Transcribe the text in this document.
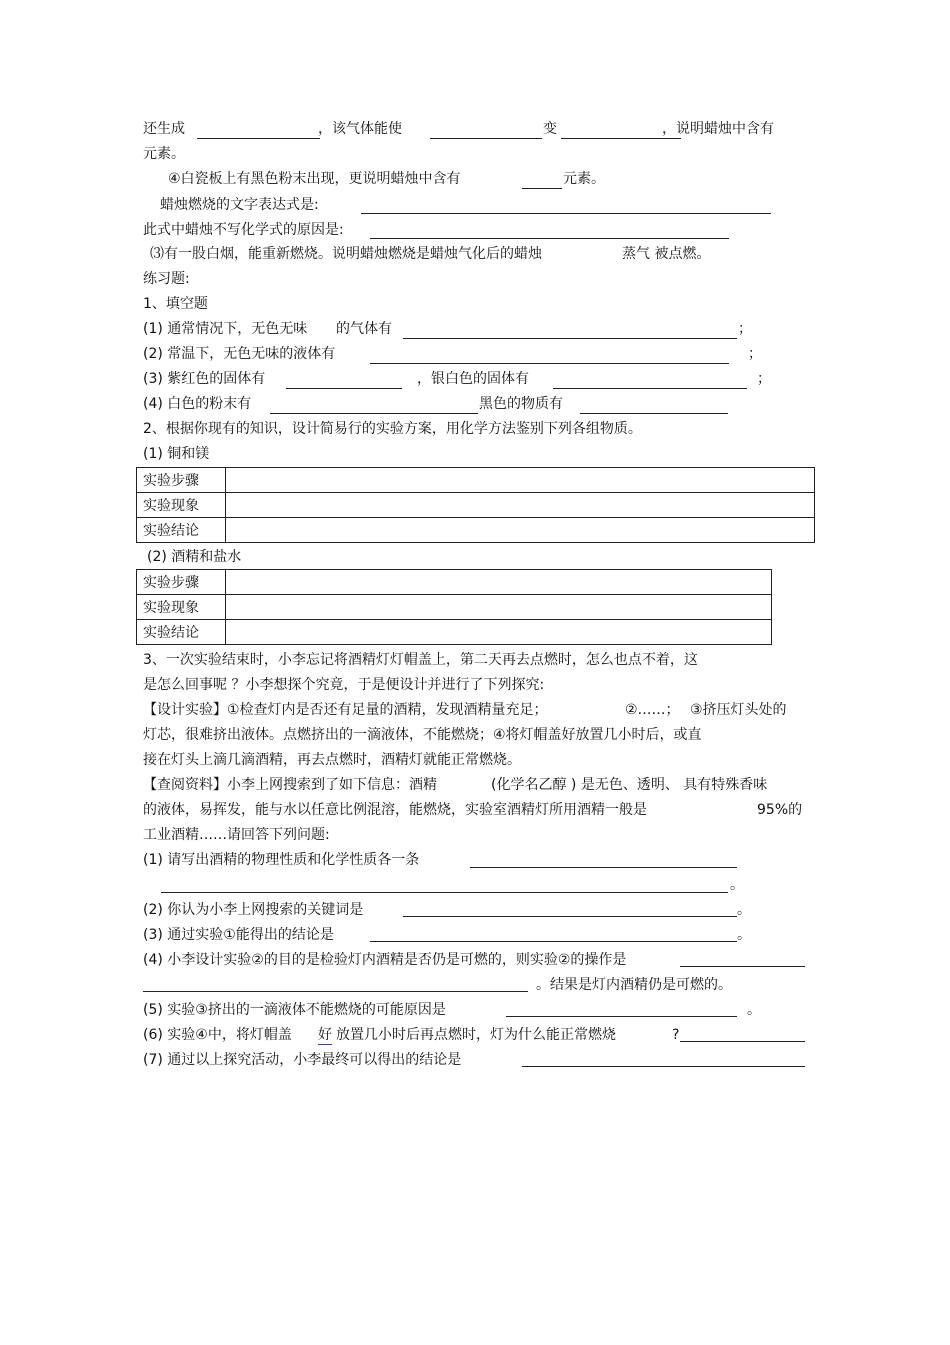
还生成	，该气体能使	变	，说明蜡烛中含有
元素。
④白瓷板上有黑色粉末出现，更说明蜡烛中含有	元素。
蜡烛燃烧的文字表达式是:
此式中蜡烛不写化学式的原因是:
⑶有一股白烟，能重新燃烧。说明蜡烛燃烧是蜡烛气化后的蜡烛	蒸气 被点燃。
练习题:
1、填空题
(1) 通常情况下，无色无味 的气体有	；
(2) 常温下，无色无味的液体有	；
(3) 紫红色的固体有	，银白色的固体有	；
(4) 白色的粉末有	黑色的物质有
2、根据你现有的知识，设计简易行的实验方案，用化学方法鉴别下列各组物质。
(1) 铜和镁
实验步骤	
实验现象	
实验结论	
(2) 酒精和盐水
实验步骤	
实验现象	
实验结论	
3、一次实验结束时，小李忘记将酒精灯灯帽盖上，第二天再去点燃时，怎么也点不着，这
是怎么回事呢 ？小李想探个究竟，于是便设计并进行了下列探究:
【设计实验】①检查灯内是否还有足量的酒精，发现酒精量充足；	②……； ③挤压灯头处的
灯芯，很难挤出液体。点燃挤出的一滴液体，不能燃烧；④将灯帽盖好放置几小时后，或直
接在灯头上滴几滴酒精，再去点燃时，酒精灯就能正常燃烧。
【查阅资料】小李上网搜索到了如下信息：酒精	(化学名乙醇 ) 是无色、透明、 具有特殊香味
的液体，易挥发，能与水以任意比例混溶，能燃烧，实验室酒精灯所用酒精一般是	95%的
工业酒精……请回答下列问题:
(1) 请写出酒精的物理性质和化学性质各一条
。
(2) 你认为小李上网搜索的关键词是	。
(3) 通过实验①能得出的结论是	。
(4) 小李设计实验②的目的是检验灯内酒精是否仍是可燃的，则实验②的操作是
。结果是灯内酒精仍是可燃的。
(5) 实验③挤出的一滴液体不能燃烧的可能原因是	。
(6) 实验④中，将灯帽盖 好 放置几小时后再点燃时，灯为什么能正常燃烧	?
(7) 通过以上探究活动，小李最终可以得出的结论是
